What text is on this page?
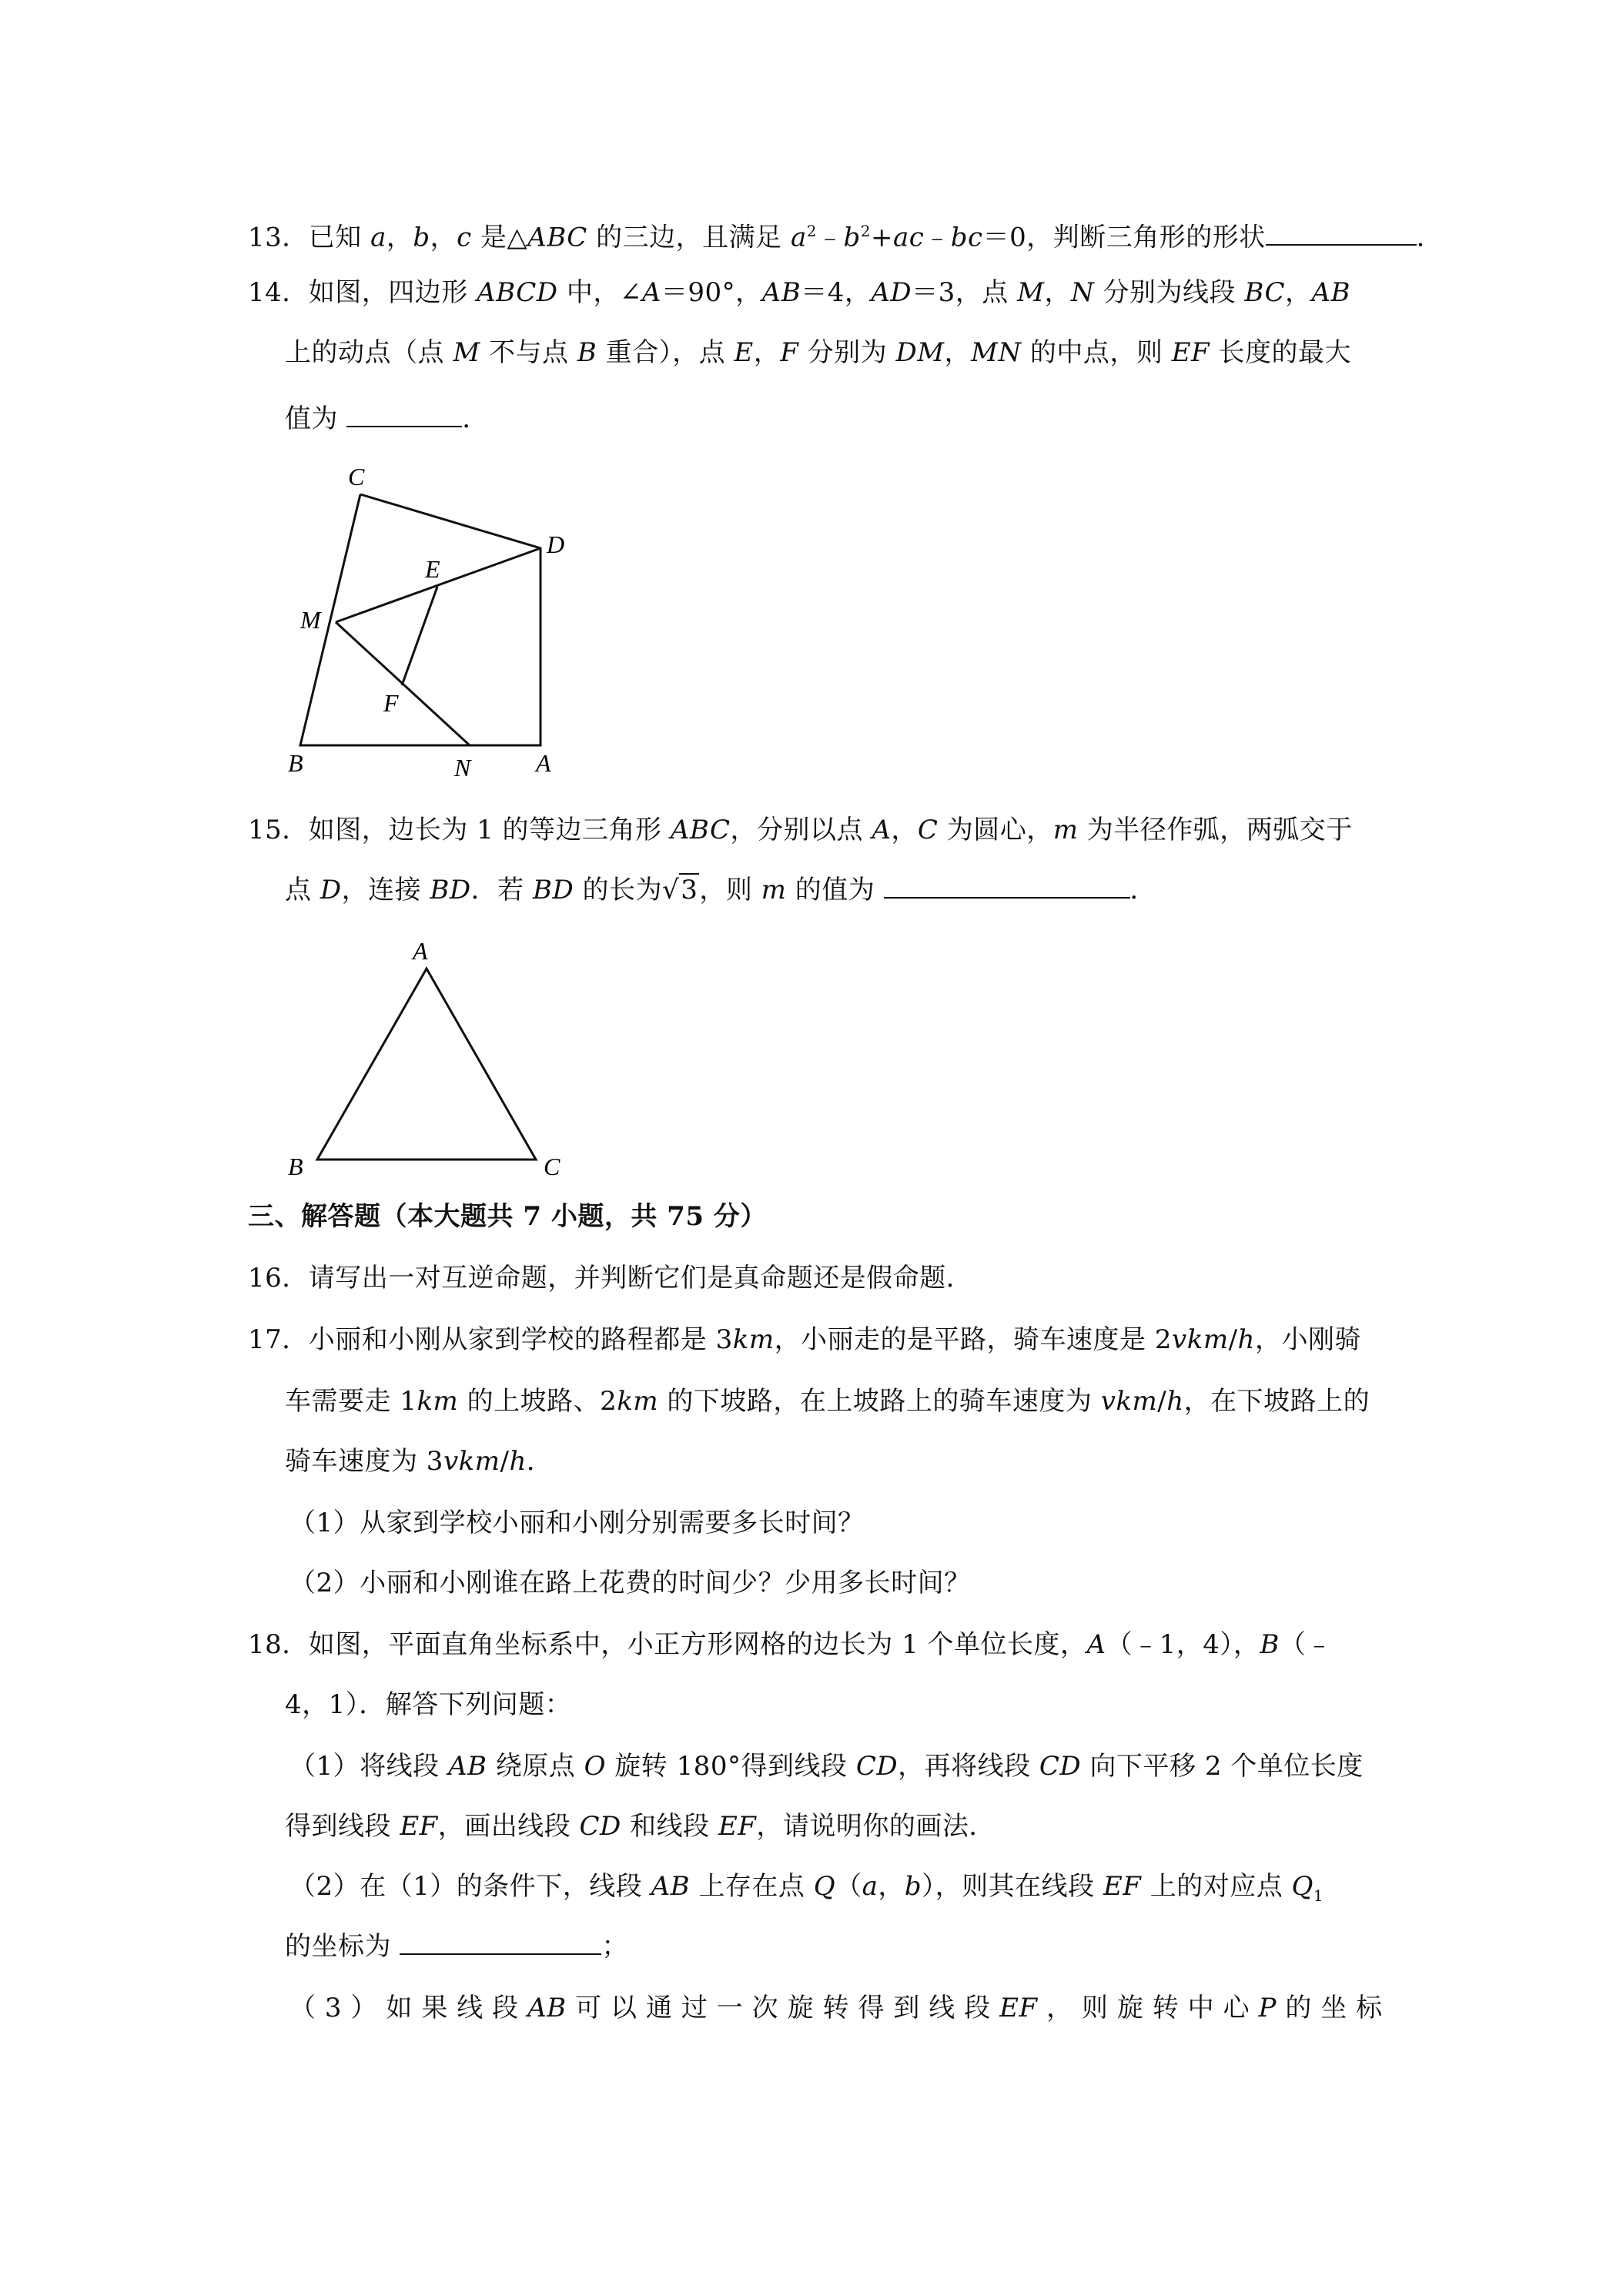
13．已知 a，b，c 是△ABC 的三边，且满足 $a^2﹣b^2+ac﹣bc=0$，判断三角形的形状	．
14．如图，四边形 ABCD 中，∠A＝90°，AB＝4，AD＝3，点 M，N 分别为线段 BC，AB
上的动点（点 M 不与点 B 重合），点 E，F 分别为 DM，MN 的中点，则 EF 长度的最大
值为	．
C
D
E
M
F
B	N	A
15．如图，边长为 1 的等边三角形 ABC，分别以点 A，C 为圆心，m 为半径作弧，两弧交于
点 D，连接 BD．若 BD 的长为√3，则 m 的值为	．
A
B	C
三、解答题（本大题共 7 小题，共 75 分）
16．请写出一对互逆命题，并判断它们是真命题还是假命题．
17．小丽和小刚从家到学校的路程都是 3km，小丽走的是平路，骑车速度是 2vkm/h，小刚骑
车需要走 1km 的上坡路、2km 的下坡路，在上坡路上的骑车速度为 vkm/h，在下坡路上的
骑车速度为 3vkm/h．
（1）从家到学校小丽和小刚分别需要多长时间？
（2）小丽和小刚谁在路上花费的时间少？少用多长时间？
18．如图，平面直角坐标系中，小正方形网格的边长为 1 个单位长度，A（﹣1，4），B（﹣
4，1）．解答下列问题：
（1）将线段 AB 绕原点 O 旋转 180°得到线段 CD，再将线段 CD 向下平移 2 个单位长度
得到线段 EF，画出线段 CD 和线段 EF，请说明你的画法．
（2）在（1）的条件下，线段 AB 上存在点 Q（a，b），则其在线段 EF 上的对应点 $Q_1$
的坐标为	；
（ 3 ） 如 果 线 段 AB 可 以 通 过 一 次 旋 转 得 到 线 段 EF ， 则 旋 转 中 心 P 的 坐 标
